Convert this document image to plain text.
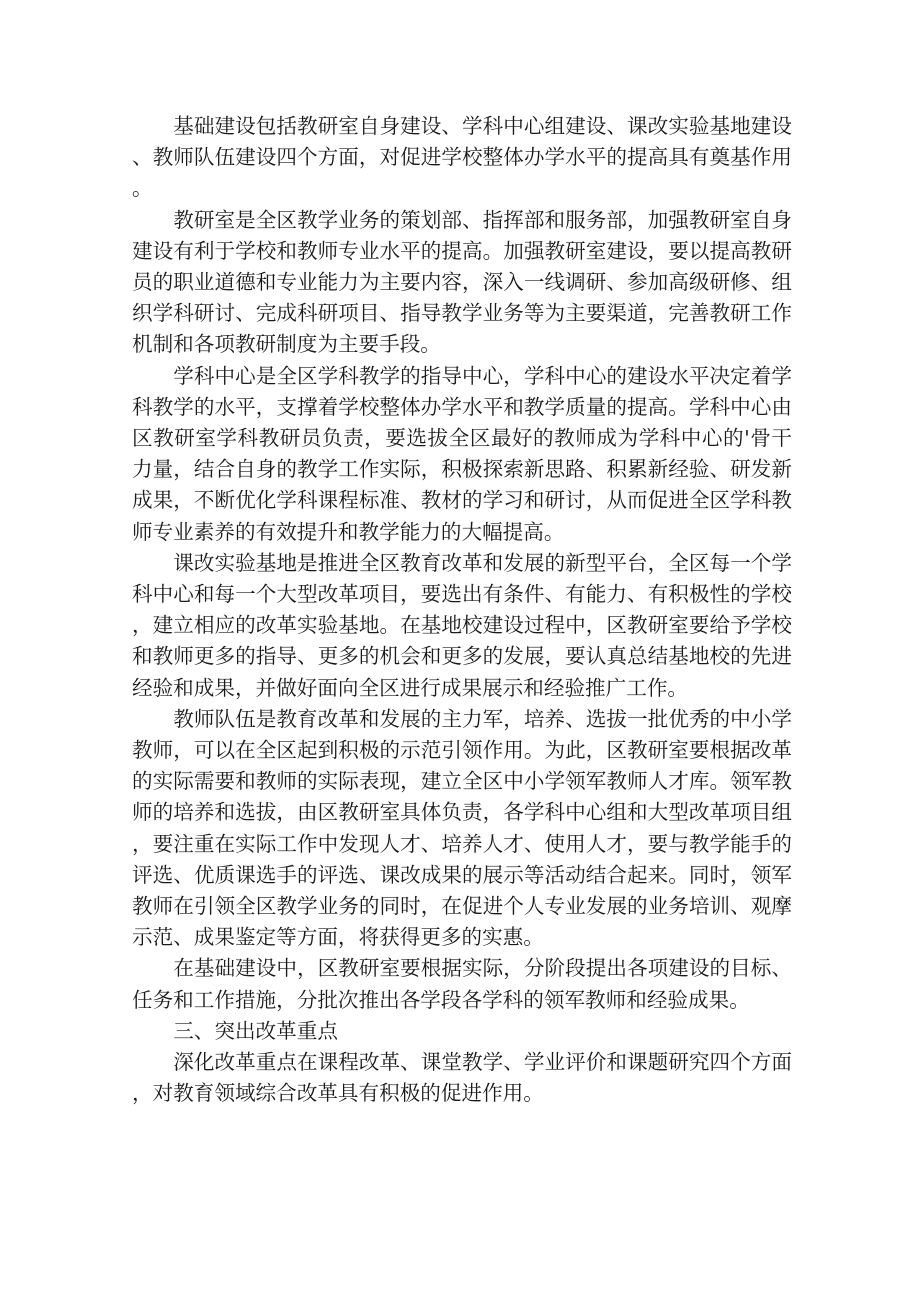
基础建设包括教研室自身建设、学科中心组建设、课改实验基地建设、教师队伍建设四个方面，对促进学校整体办学水平的提高具有奠基作用。

教研室是全区教学业务的策划部、指挥部和服务部，加强教研室自身建设有利于学校和教师专业水平的提高。加强教研室建设，要以提高教研员的职业道德和专业能力为主要内容，深入一线调研、参加高级研修、组织学科研讨、完成科研项目、指导教学业务等为主要渠道，完善教研工作机制和各项教研制度为主要手段。

学科中心是全区学科教学的指导中心，学科中心的建设水平决定着学科教学的水平，支撑着学校整体办学水平和教学质量的提高。学科中心由区教研室学科教研员负责，要选拔全区最好的教师成为学科中心的'骨干力量，结合自身的教学工作实际，积极探索新思路、积累新经验、研发新成果，不断优化学科课程标准、教材的学习和研讨，从而促进全区学科教师专业素养的有效提升和教学能力的大幅提高。

课改实验基地是推进全区教育改革和发展的新型平台，全区每一个学科中心和每一个大型改革项目，要选出有条件、有能力、有积极性的学校，建立相应的改革实验基地。在基地校建设过程中，区教研室要给予学校和教师更多的指导、更多的机会和更多的发展，要认真总结基地校的先进经验和成果，并做好面向全区进行成果展示和经验推广工作。

教师队伍是教育改革和发展的主力军，培养、选拔一批优秀的中小学教师，可以在全区起到积极的示范引领作用。为此，区教研室要根据改革的实际需要和教师的实际表现，建立全区中小学领军教师人才库。领军教师的培养和选拔，由区教研室具体负责，各学科中心组和大型改革项目组，要注重在实际工作中发现人才、培养人才、使用人才，要与教学能手的评选、优质课选手的评选、课改成果的展示等活动结合起来。同时，领军教师在引领全区教学业务的同时，在促进个人专业发展的业务培训、观摩示范、成果鉴定等方面，将获得更多的实惠。

在基础建设中，区教研室要根据实际，分阶段提出各项建设的目标、任务和工作措施，分批次推出各学段各学科的领军教师和经验成果。

三、突出改革重点

深化改革重点在课程改革、课堂教学、学业评价和课题研究四个方面，对教育领域综合改革具有积极的促进作用。
